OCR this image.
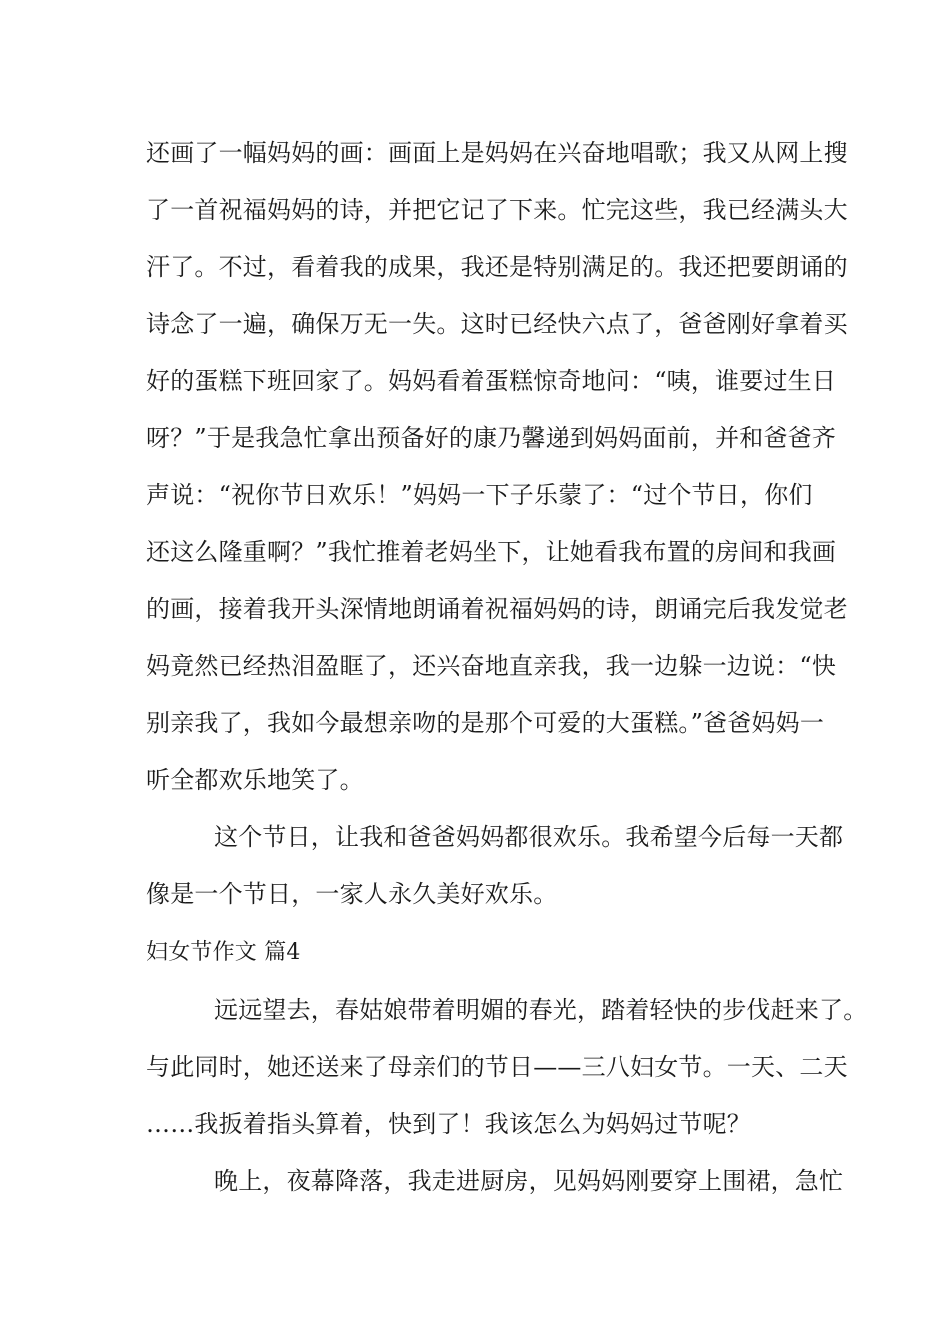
还画了一幅妈妈的画：画面上是妈妈在兴奋地唱歌；我又从网上搜
了一首祝福妈妈的诗，并把它记了下来。忙完这些，我已经满头大
汗了。不过，看着我的成果，我还是特别满足的。我还把要朗诵的
诗念了一遍，确保万无一失。这时已经快六点了，爸爸刚好拿着买
好的蛋糕下班回家了。妈妈看着蛋糕惊奇地问：“咦，谁要过生日
呀？”于是我急忙拿出预备好的康乃馨递到妈妈面前，并和爸爸齐
声说：“祝你节日欢乐！”妈妈一下子乐蒙了：“过个节日，你们
还这么隆重啊？”我忙推着老妈坐下，让她看我布置的房间和我画
的画，接着我开头深情地朗诵着祝福妈妈的诗，朗诵完后我发觉老
妈竟然已经热泪盈眶了，还兴奋地直亲我，我一边躲一边说：“快
别亲我了，我如今最想亲吻的是那个可爱的大蛋糕。”爸爸妈妈一
听全都欢乐地笑了。
这个节日，让我和爸爸妈妈都很欢乐。我希望今后每一天都
像是一个节日，一家人永久美好欢乐。
妇女节作文 篇4
远远望去，春姑娘带着明媚的春光，踏着轻快的步伐赶来了。
与此同时，她还送来了母亲们的节日——三八妇女节。一天、二天
……我扳着指头算着，快到了！我该怎么为妈妈过节呢？
晚上，夜幕降落，我走进厨房，见妈妈刚要穿上围裙，急忙
